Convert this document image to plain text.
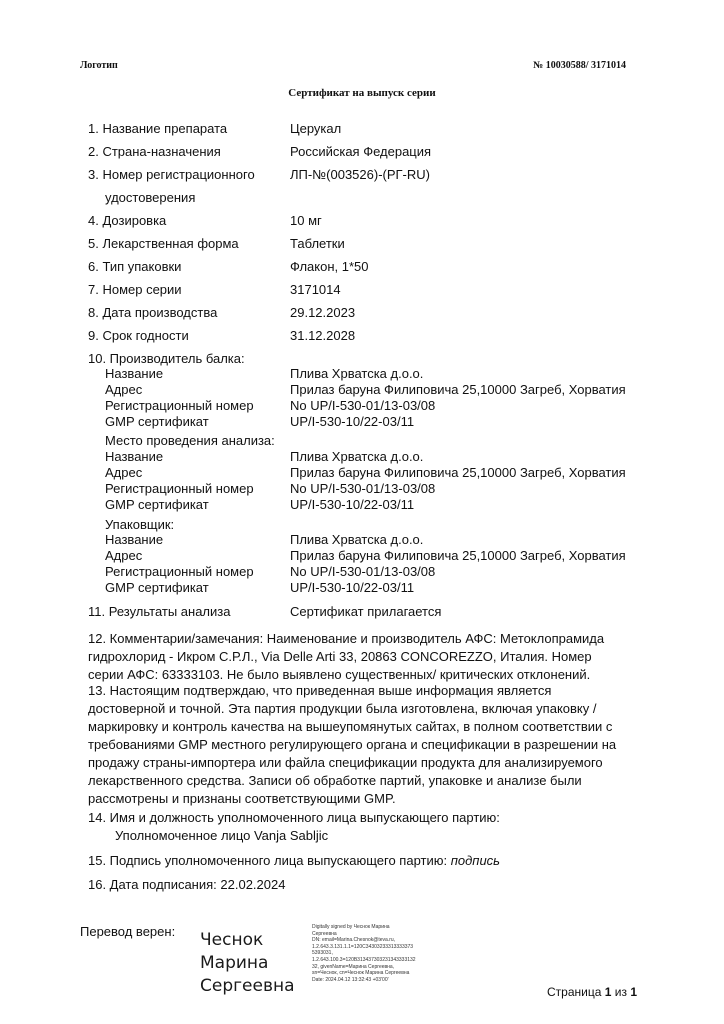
Логотип	№ 10030588/ 3171014
Сертификат на выпуск серии
1. Название препарата	Церукал
2. Страна-назначения	Российская Федерация
3. Номер регистрационного	ЛП-№(003526)-(РГ-RU)
удостоверения
4. Дозировка	10 мг
5. Лекарственная форма	Таблетки
6. Тип упаковки	Флакон, 1*50
7. Номер серии	3171014
8. Дата производства	29.12.2023
9. Срок годности	31.12.2028
10. Производитель балка:
Название	Плива Хрватска д.о.о.
Адрес	Прилаз баруна Филиповича 25,10000 Загреб, Хорватия
Регистрационный номер	No UP/I-530-01/13-03/08
GMP сертификат	UP/I-530-10/22-03/11
Место проведения анализа:
Название	Плива Хрватска д.о.о.
Адрес	Прилаз баруна Филиповича 25,10000 Загреб, Хорватия
Регистрационный номер	No UP/I-530-01/13-03/08
GMP сертификат	UP/I-530-10/22-03/11
Упаковщик:
Название	Плива Хрватска д.о.о.
Адрес	Прилаз баруна Филиповича 25,10000 Загреб, Хорватия
Регистрационный номер	No UP/I-530-01/13-03/08
GMP сертификат	UP/I-530-10/22-03/11
11. Результаты анализа	Сертификат прилагается

12. Комментарии/замечания: Наименование и производитель АФС: Метоклопрамида

гидрохлорид - Икром С.Р.Л., Via Delle Arti 33, 20863 CONCOREZZO, Италия. Номер

серии АФС: 63333103. Не было выявлено существенных/ критических отклонений.

13. Настоящим подтверждаю, что приведенная выше информация является

достоверной и точной. Эта партия продукции была изготовлена, включая упаковку /

маркировку и контроль качества на вышеупомянутых сайтах, в полном соответствии с

требованиями GMP местного регулирующего органа и спецификации в разрешении на

продажу страны-импортера или файла спецификации продукта для анализируемого

лекарственного средства. Записи об обработке партий, упаковке и анализе были

рассмотрены и признаны соответствующими GMP.

14. Имя и должность уполномоченного лица выпускающего партию:
Уполномоченное лицо Vanja Sabljic
15. Подпись уполномоченного лица выпускающего партию: подпись
16. Дата подписания: 22.02.2024
Перевод верен: Чеснок
Марина
Сергеевна
Digitally signed by Чеснок Марина
Сергеевна
DN: email=Marina.Chesnok@teva.ru,
1.2.643.3.131.1.1=120C34303233313333373
5393031,
1.2.643.100.3=120B313437303231343333132
32, givenName=Марина Сергеевна,
sn=Чеснок, cn=Чеснок Марина Сергеевна
Date: 2024.04.12 13:32:43 +03'00'
Страница 1 из 1
